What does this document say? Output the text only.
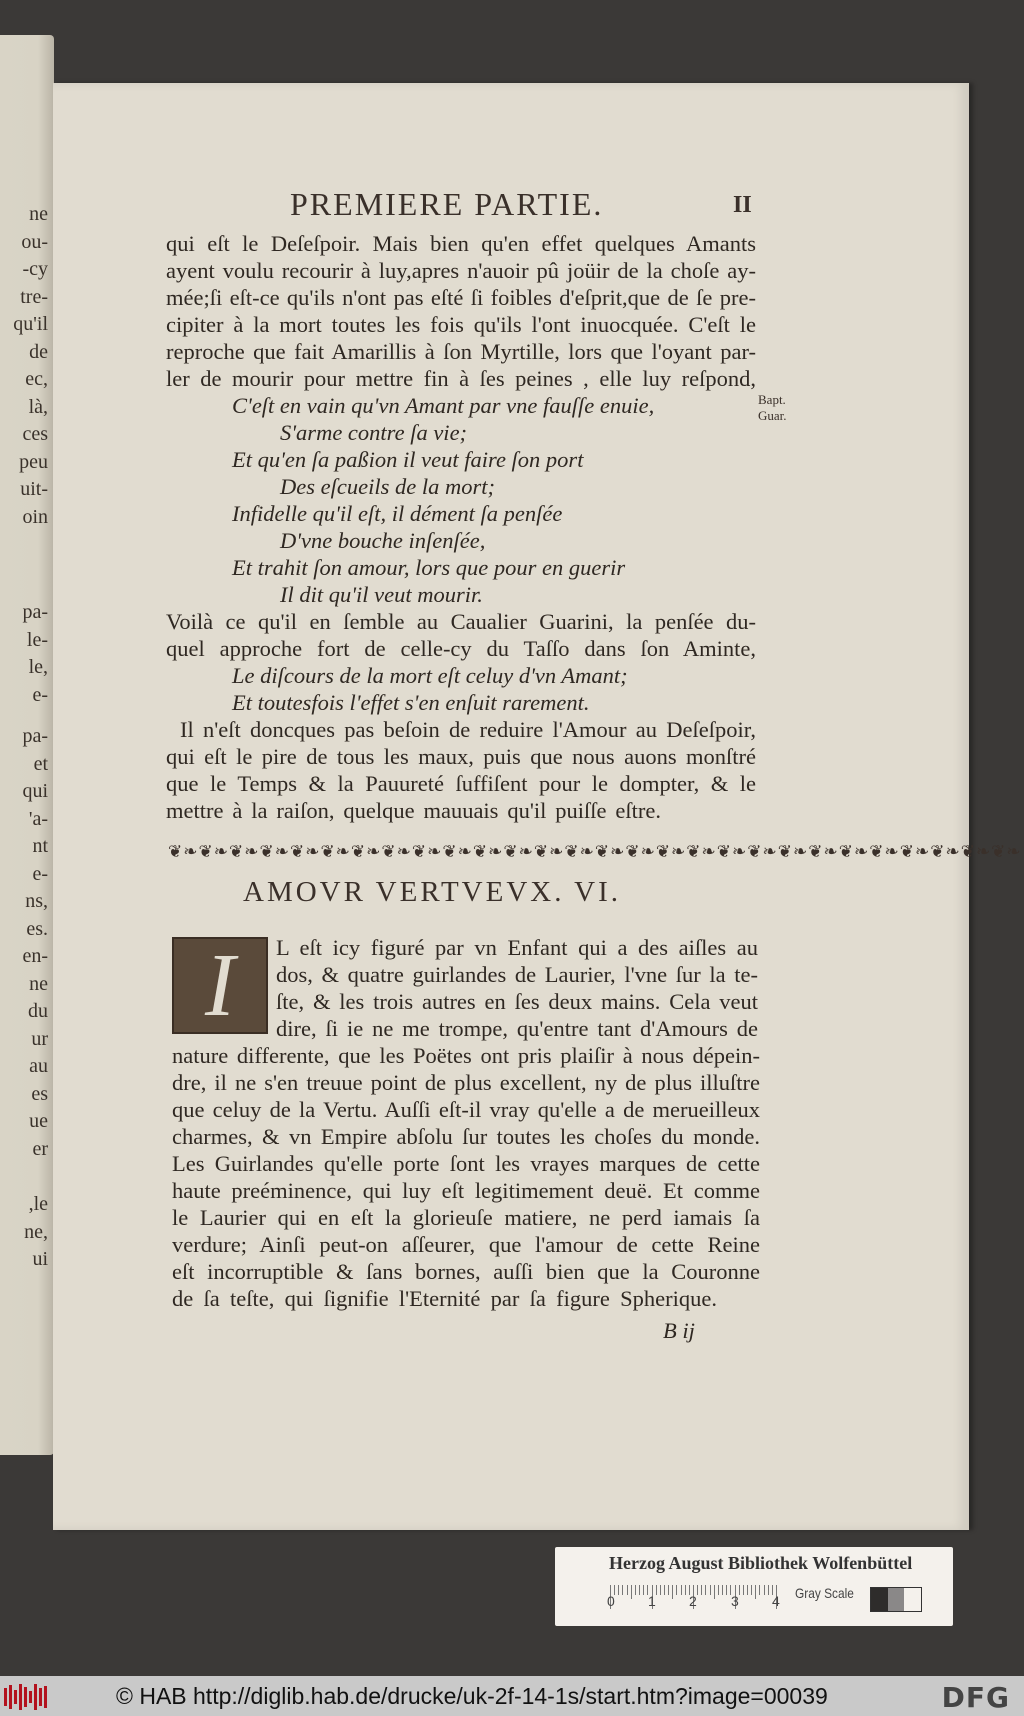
ne
ou-
-cy
tre-
qu'il
de
ec,
là,
ces
peu
uit-
oin
pa-
le-
le,
e-
pa-
et
qui
'a-
nt
e-
ns,
es.
en-
ne
du
ur
au
es
ue
er
,le
ne,
ui
PREMIERE PARTIE.	II
qui eſt le Deſeſpoir. Mais bien qu'en effet quelques Amants
ayent voulu recourir à luy,apres n'auoir pû joüir de la choſe ay-
mée;ſi eſt-ce qu'ils n'ont pas eſté ſi foibles d'eſprit,que de ſe pre-
cipiter à la mort toutes les fois qu'ils l'ont inuocquée. C'eſt le
reproche que fait Amarillis à ſon Myrtille, lors que l'oyant par-
ler de mourir pour mettre fin à ſes peines , elle luy reſpond,
C'eſt en vain qu'vn Amant par vne fauſſe enuie,
S'arme contre ſa vie;
Et qu'en ſa paßion il veut faire ſon port
Des eſcueils de la mort;
Infidelle qu'il eſt, il dément ſa penſée
D'vne bouche inſenſée,
Et trahit ſon amour, lors que pour en guerir
Il dit qu'il veut mourir.
Voilà ce qu'il en ſemble au Caualier Guarini, la penſée du-
quel approche fort de celle-cy du Taſſo dans ſon Aminte,
Le diſcours de la mort eſt celuy d'vn Amant;
Et toutesfois l'effet s'en enſuit rarement.
Il n'eſt doncques pas beſoin de reduire l'Amour au Deſeſpoir,
qui eſt le pire de tous les maux, puis que nous auons monſtré
que le Temps & la Pauureté ſuffiſent pour le dompter, & le
mettre à la raiſon, quelque mauuais qu'il puiſſe eſtre.
L eſt icy figuré par vn Enfant qui a des aiſles au
dos, & quatre guirlandes de Laurier, l'vne ſur la te-
ſte, & les trois autres en ſes deux mains. Cela veut
dire, ſi ie ne me trompe, qu'entre tant d'Amours de
nature differente, que les Poëtes ont pris plaiſir à nous dépein-
dre, il ne s'en treuue point de plus excellent, ny de plus illuſtre
que celuy de la Vertu. Auſſi eſt-il vray qu'elle a de merueilleux
charmes, & vn Empire abſolu ſur toutes les choſes du monde.
Les Guirlandes qu'elle porte ſont les vrayes marques de cette
haute preéminence, qui luy eſt legitimement deuë. Et comme
le Laurier qui en eſt la glorieuſe matiere, ne perd iamais ſa
verdure; Ainſi peut-on aſſeurer, que l'amour de cette Reine
eſt incorruptible & ſans bornes, auſſi bien que la Couronne
de ſa teſte, qui ſignifie l'Eternité par ſa figure Spherique.
Bapt.
Guar.
❦❧❦❧❦❧❦❧❦❧❦❧❦❧❦❧❦❧❦❧❦❧❦❧❦❧❦❧❦❧❦❧❦❧❦❧❦❧❦❧❦❧❦❧❦❧❦❧❦❧❦❧❦❧❦❧
AMOVR VERTVEVX. VI.
I
B ij
Herzog August Bibliothek Wolfenbüttel
0 1 2 3 4 Gray Scale
© HAB http://diglib.hab.de/drucke/uk-2f-14-1s/start.htm?image=00039	DFG
